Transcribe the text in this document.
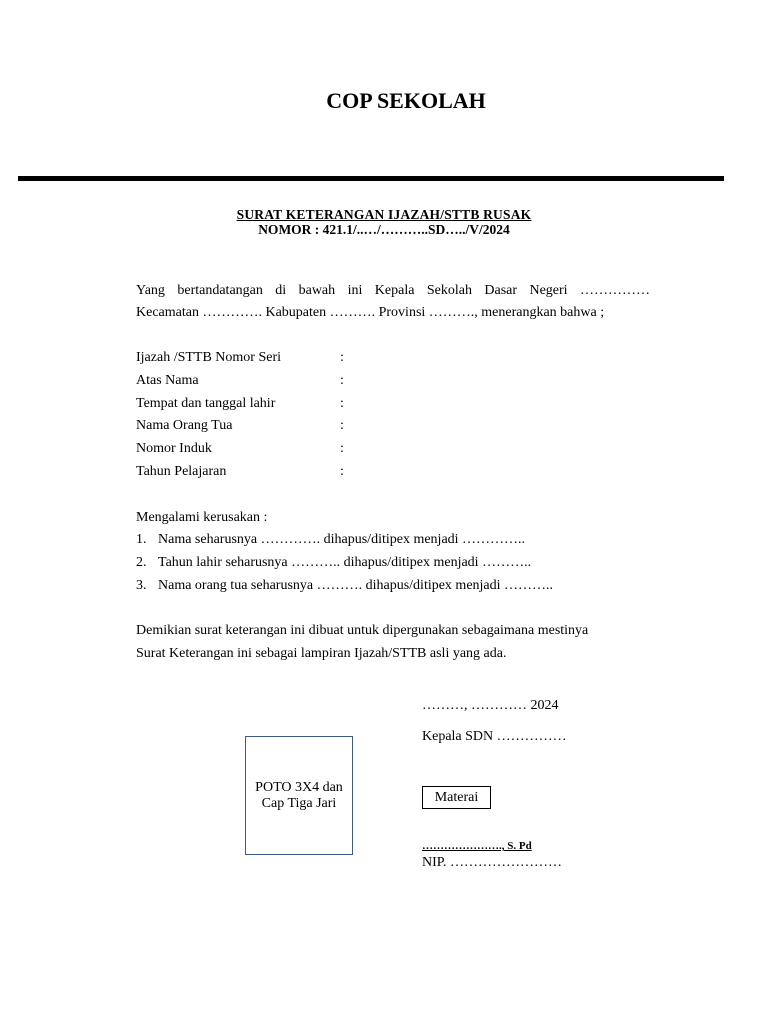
COP SEKOLAH
SURAT KETERANGAN IJAZAH/STTB RUSAK
NOMOR : 421.1/..…/………..SD…../V/2024
Yang bertandatangan di bawah ini Kepala Sekolah Dasar Negeri ……………
Kecamatan …………. Kabupaten ………. Provinsi ………., menerangkan bahwa ;
Ijazah /STTB Nomor Seri	:
Atas Nama	:
Tempat dan tanggal lahir	:
Nama Orang Tua	:
Nomor Induk	:
Tahun Pelajaran	:
Mengalami kerusakan :
1. Nama seharusnya …………. dihapus/ditipex menjadi …………..
2. Tahun lahir seharusnya ……….. dihapus/ditipex menjadi ………..
3. Nama orang tua seharusnya ………. dihapus/ditipex menjadi ………..
Demikian surat keterangan ini dibuat untuk dipergunakan sebagaimana mestinya
Surat Keterangan ini sebagai lampiran Ijazah/STTB asli yang ada.
………, ………… 2024
Kepala SDN ……………
POTO 3X4 dan
Cap Tiga Jari	Materai
…………………., S. Pd
NIP. ……………………
